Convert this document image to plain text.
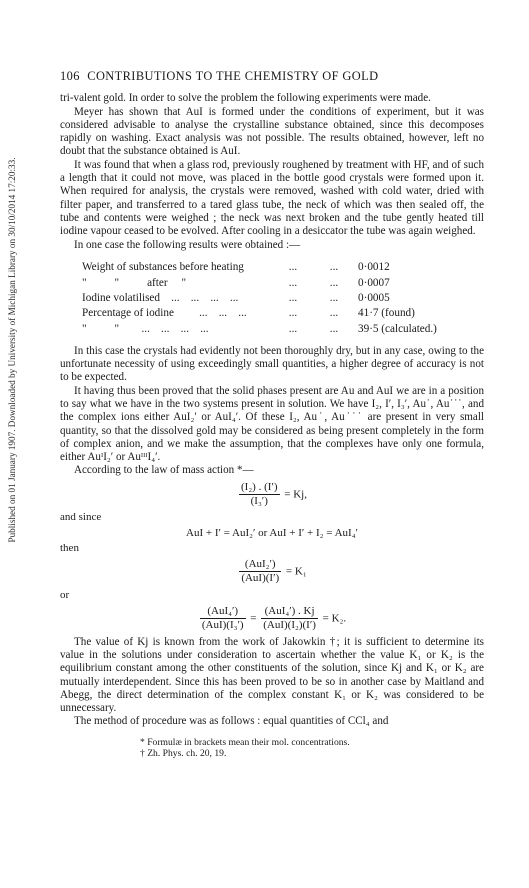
Published on 01 January 1907. Downloaded by University of Michigan Library on 30/10/2014 17:20:33.
106 CONTRIBUTIONS TO THE CHEMISTRY OF GOLD

tri-valent gold. In order to solve the problem the following experiments were made.

Meyer has shown that AuI is formed under the conditions of experiment, but it was considered advisable to analyse the crystalline substance obtained, since this decomposes rapidly on washing. Exact analysis was not possible. The results obtained, however, left no doubt that the substance obtained is AuI.

It was found that when a glass rod, previously roughened by treatment with HF, and of such a length that it could not move, was placed in the bottle good crystals were formed upon it. When required for analysis, the crystals were removed, washed with cold water, dried with filter paper, and transferred to a tared glass tube, the neck of which was then sealed off, the tube and contents were weighed ; the neck was next broken and the tube gently heated till iodine vapour ceased to be evolved. After cooling in a desiccator the tube was again weighed.

In one case the following results were obtained :—

Weight of substances before heating	...	...	0·0012
"          "          after     "	...	...	0·0007
Iodine volatilised    ...    ...    ...    ...	...	...	0·0005
Percentage of iodine         ...    ...    ...	...	...	41·7 (found)
"          "        ...    ...    ...    ...	...	...	39·5 (calculated.)

In this case the crystals had evidently not been thoroughly dry, but in any case, owing to the unfortunate necessity of using exceedingly small quantities, a higher degree of accuracy is not to be expected.

It having thus been proved that the solid phases present are Au and AuI we are in a position to say what we have in the two systems present in solution. We have I₂, I′, I₃′, Au˙, Au˙˙˙, and the complex ions either AuI₂′ or AuI₄′. Of these I₂, Au˙, Au˙˙˙ are present in very small quantity, so that the dissolved gold may be considered as being present completely in the form of complex anion, and we make the assumption, that the complexes have only one formula, either AuᴵI₂′ or AuᴵᴵᴵI₄′.

According to the law of mass action *—

$\frac{\text{(I₂) . (I′)}}{\text{(I₃′)}} = Kj$,

and since

AuI + I′ = AuI₂′ or AuI + I′ + I₂ = AuI₄′

then

$\frac{\text{(AuI₂′)}}{\text{(AuI)(I′)}} = K_1$

or

$\frac{\text{(AuI₄′)}}{\text{(AuI)(I₃′)}} = \frac{\text{(AuI₄′) . Kj}}{\text{(AuI)(I₂)(I′)}} = K_2$.

The value of Kj is known from the work of Jakowkin †; it is sufficient to determine its value in the solutions under consideration to ascertain whether the value K₁ or K₂ is the equilibrium constant among the other constituents of the solution, since Kj and K₁ or K₂ are mutually interdependent. Since this has been proved to be so in another case by Maitland and Abegg, the direct determination of the complex constant K₁ or K₂ was considered to be unnecessary.

The method of procedure was as follows : equal quantities of CCl₄ and

* Formulæ in brackets mean their mol. concentrations.

† Zh. Phys. ch. 20, 19.
